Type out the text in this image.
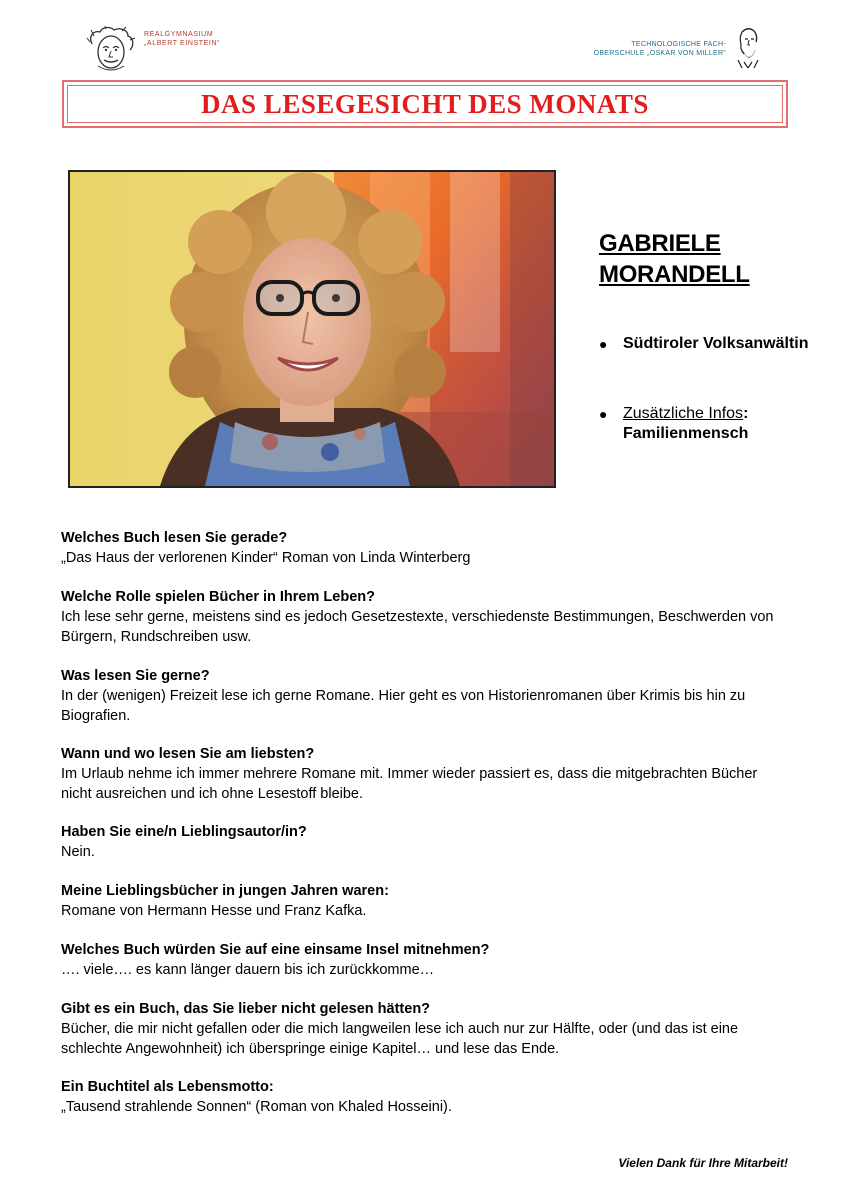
REALGYMNASIUM
„ALBERT EINSTEIN“	TECHNOLOGISCHE FACH-
OBERSCHULE „OSKAR VON MILLER“
DAS LESEGESICHT DES MONATS
GABRIELE
MORANDELL
● Südtiroler Volksanwältin
● Zusätzliche Infos:
Familienmensch
Welches Buch lesen Sie gerade?
„Das Haus der verlorenen Kinder“ Roman von Linda Winterberg
Welche Rolle spielen Bücher in Ihrem Leben?
Ich lese sehr gerne, meistens sind es jedoch Gesetzestexte, verschiedenste Bestimmungen, Beschwerden von Bürgern, Rundschreiben usw.
Was lesen Sie gerne?
In der (wenigen) Freizeit lese ich gerne Romane. Hier geht es von Historienromanen über Krimis bis hin zu Biografien.
Wann und wo lesen Sie am liebsten?
Im Urlaub nehme ich immer mehrere Romane mit. Immer wieder passiert es, dass die mitgebrachten Bücher nicht ausreichen und ich ohne Lesestoff bleibe.
Haben Sie eine/n Lieblingsautor/in?
Nein.
Meine Lieblingsbücher in jungen Jahren waren:
Romane von Hermann Hesse und Franz Kafka.
Welches Buch würden Sie auf eine einsame Insel mitnehmen?
…. viele…. es kann länger dauern bis ich zurückkomme…
Gibt es ein Buch, das Sie lieber nicht gelesen hätten?
Bücher, die mir nicht gefallen oder die mich langweilen lese ich auch nur zur Hälfte, oder (und das ist eine schlechte Angewohnheit) ich überspringe einige Kapitel… und lese das Ende.
Ein Buchtitel als Lebensmotto:
„Tausend strahlende Sonnen“ (Roman von Khaled Hosseini).
Vielen Dank für Ihre Mitarbeit!
